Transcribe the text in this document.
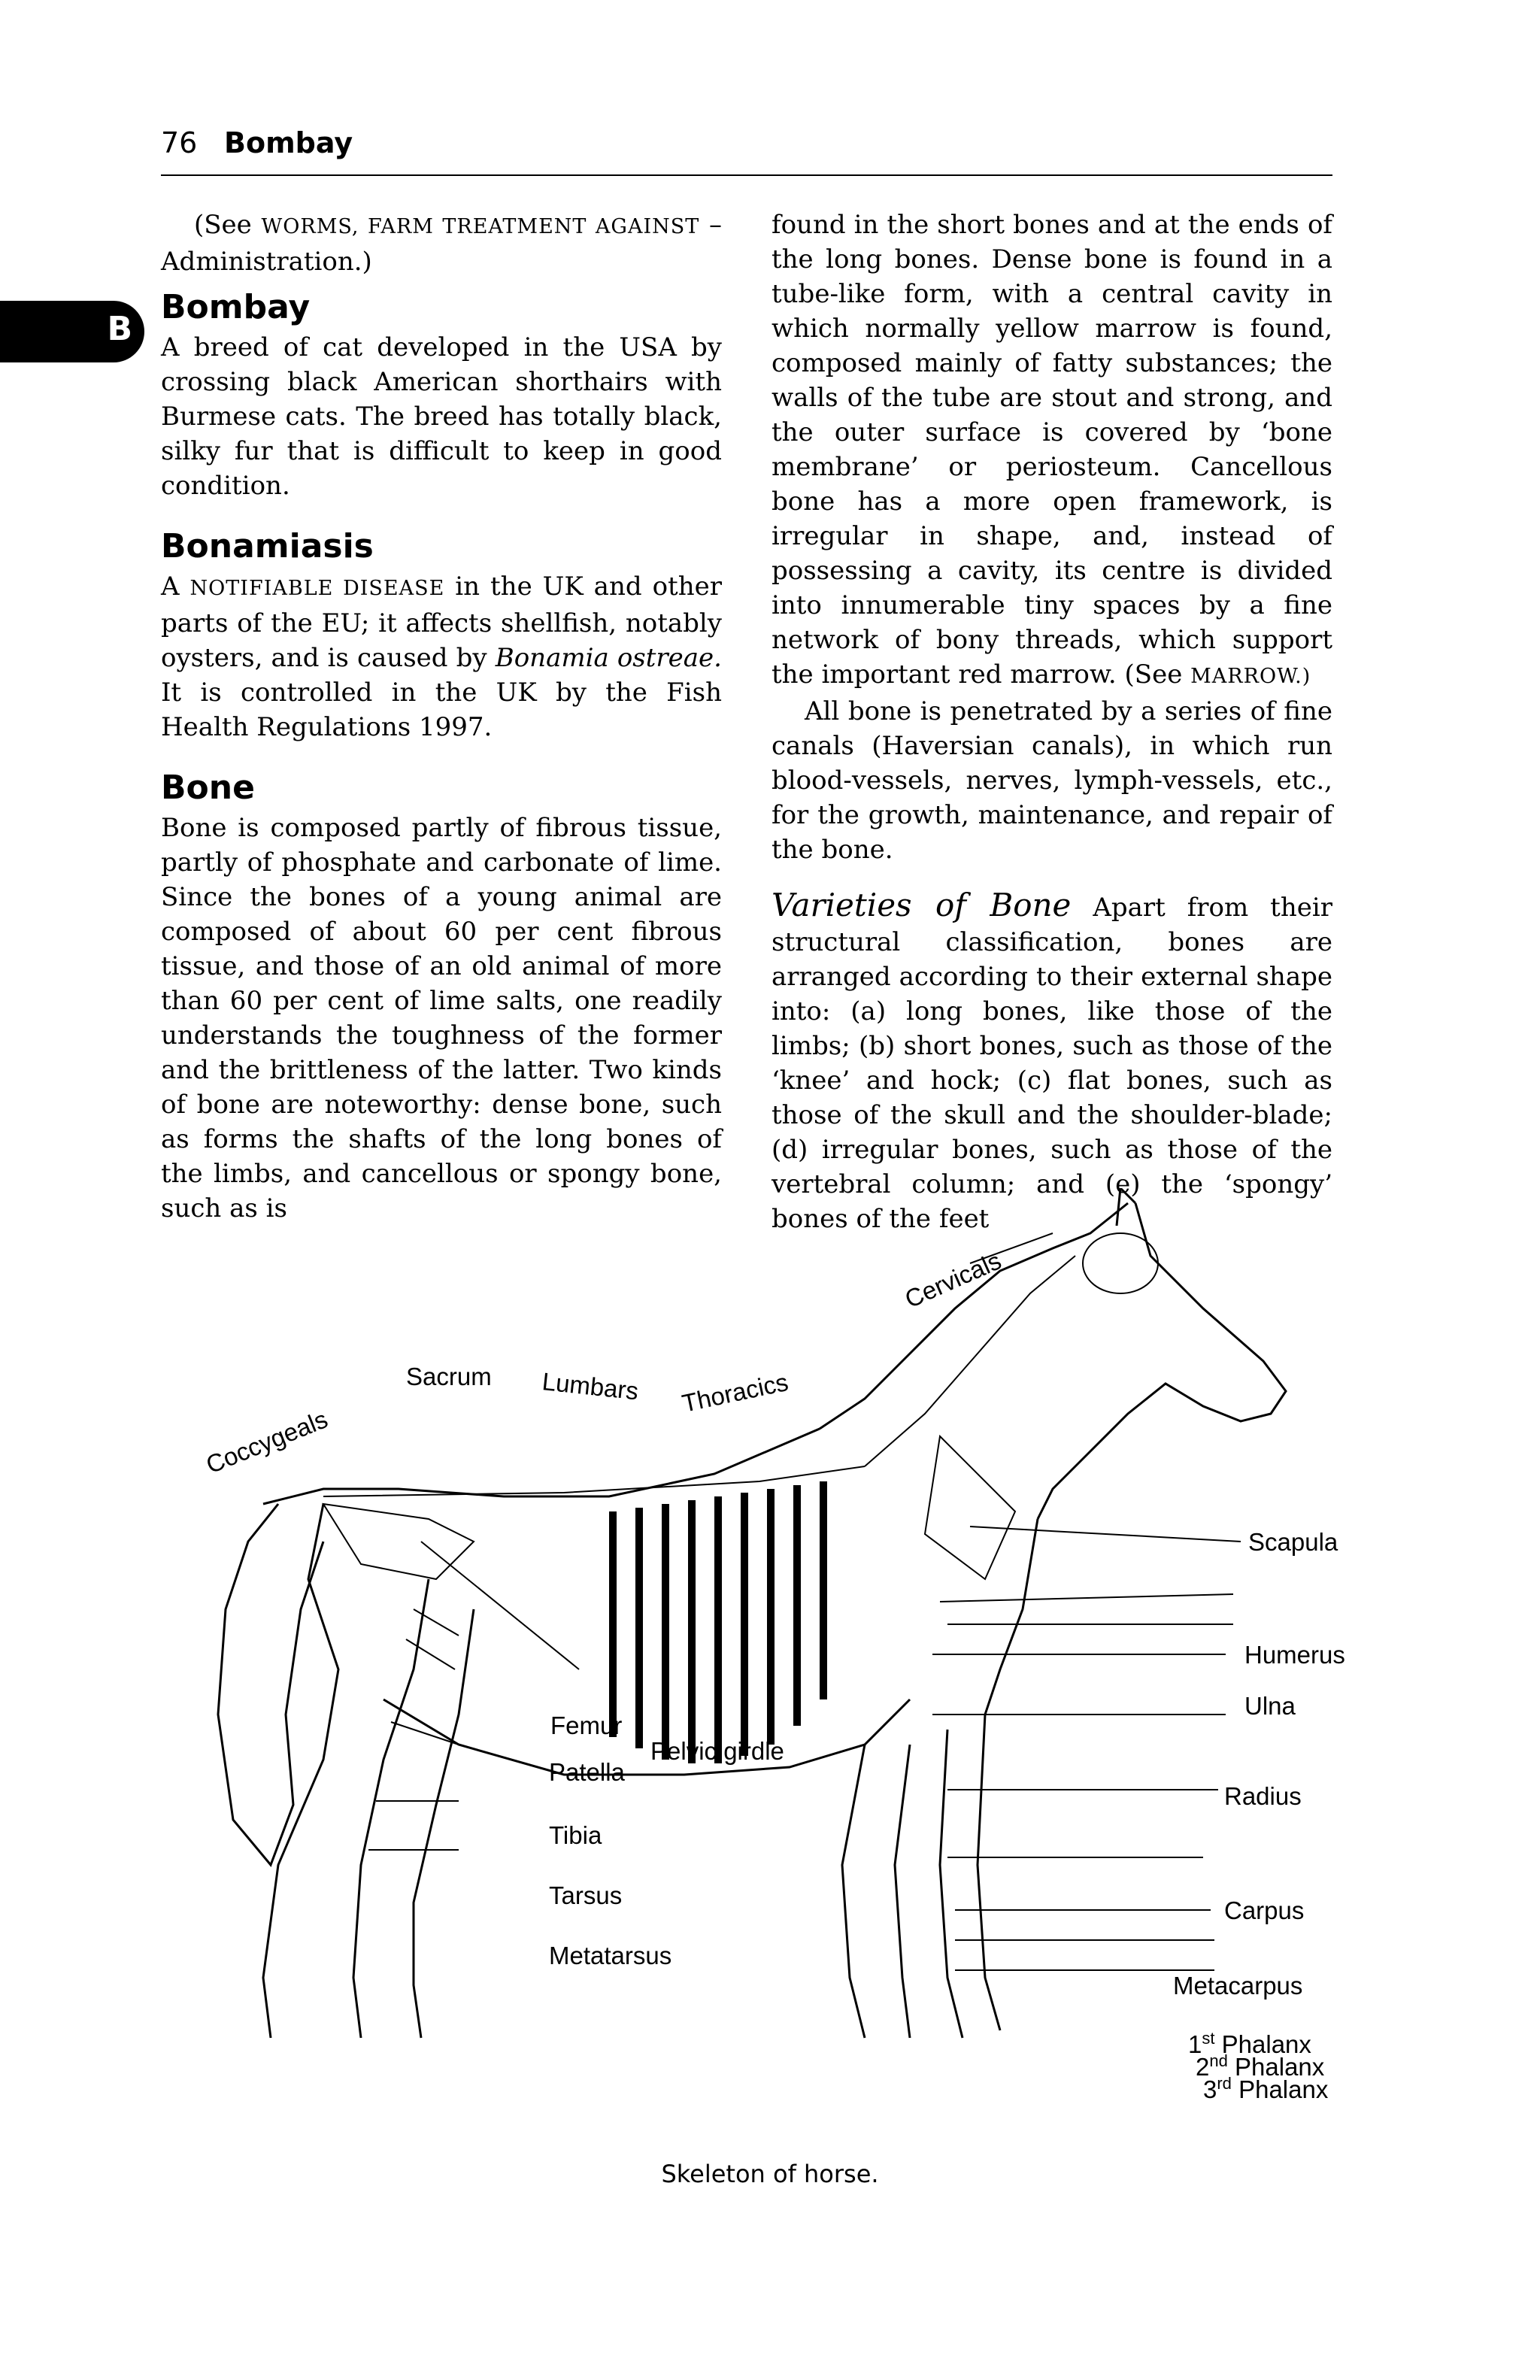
76 Bombay
B

(See WORMS, FARM TREATMENT AGAINST – Administration.)

Bombay

A breed of cat developed in the USA by crossing black American shorthairs with Burmese cats. The breed has totally black, silky fur that is difficult to keep in good condition.

Bonamiasis

A NOTIFIABLE DISEASE in the UK and other parts of the EU; it affects shellfish, notably oysters, and is caused by Bonamia ostreae. It is controlled in the UK by the Fish Health Regulations 1997.

Bone

Bone is composed partly of fibrous tissue, partly of phosphate and carbonate of lime. Since the bones of a young animal are composed of about 60 per cent fibrous tissue, and those of an old animal of more than 60 per cent of lime salts, one readily understands the toughness of the former and the brittleness of the latter. Two kinds of bone are noteworthy: dense bone, such as forms the shafts of the long bones of the limbs, and cancellous or spongy bone, such as is

found in the short bones and at the ends of the long bones. Dense bone is found in a tube-like form, with a central cavity in which normally yellow marrow is found, composed mainly of fatty substances; the walls of the tube are stout and strong, and the outer surface is covered by ‘bone membrane’ or periosteum. Cancellous bone has a more open framework, is irregular in shape, and, instead of possessing a cavity, its centre is divided into innumerable tiny spaces by a fine network of bony threads, which support the important red marrow. (See MARROW.)

All bone is penetrated by a series of fine canals (Haversian canals), in which run blood-vessels, nerves, lymph-vessels, etc., for the growth, maintenance, and repair of the bone.

Varieties of Bone Apart from their structural classification, bones are arranged according to their external shape into: (a) long bones, like those of the limbs; (b) short bones, such as those of the ‘knee’ and hock; (c) flat bones, such as those of the skull and the shoulder-blade; (d) irregular bones, such as those of the vertebral column; and (e) the ‘spongy’ bones of the feet

Cervicals
Coccygeals
Sacrum Lumbars Thoracics
Scapula
Humerus
Ulna
Femur
Pelvic girdle
Patella
Radius
Tibia
Tarsus
Carpus
Metatarsus
Metacarpus
1st Phalanx
2nd Phalanx
3rd Phalanx
Skeleton of horse.
